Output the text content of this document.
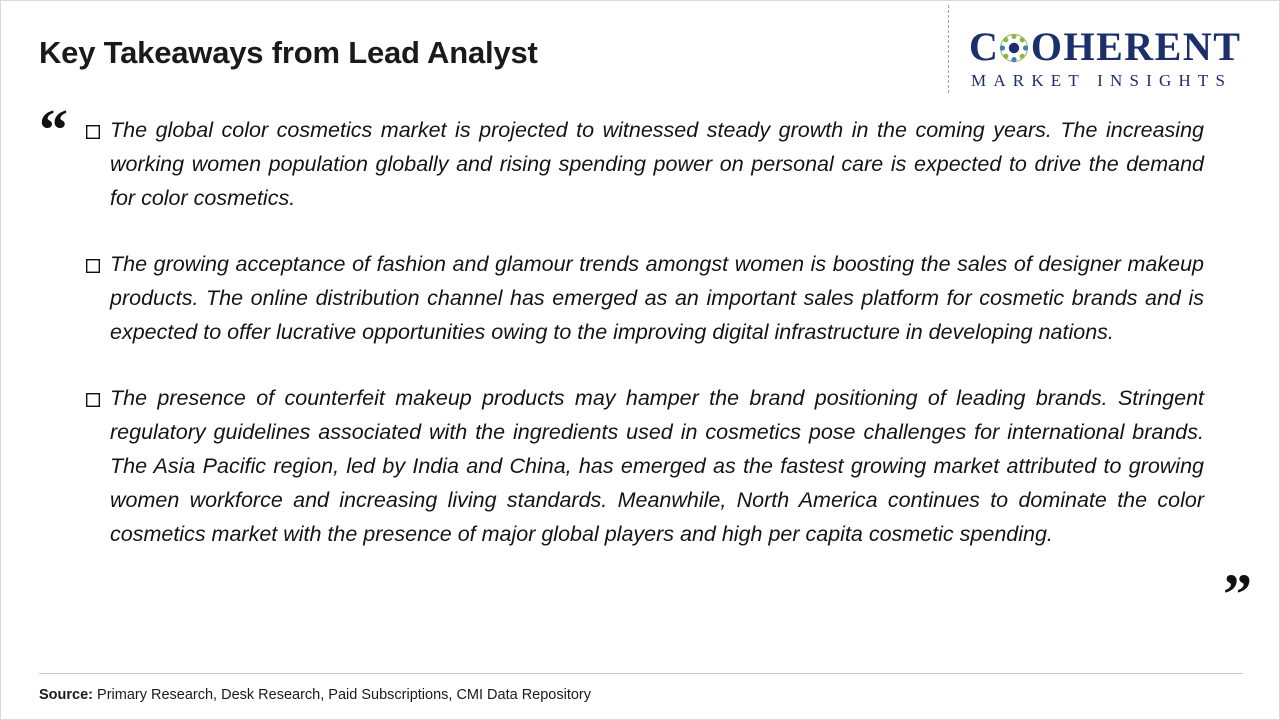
Key Takeaways from Lead Analyst	C OHERENT
MARKET INSIGHTS
“ The global color cosmetics market is projected to witnessed steady growth in the coming years. The increasing working women population globally and rising spending power on personal care is expected to drive the demand for color cosmetics.
The growing acceptance of fashion and glamour trends amongst women is boosting the sales of designer makeup products. The online distribution channel has emerged as an important sales platform for cosmetic brands and is expected to offer lucrative opportunities owing to the improving digital infrastructure in developing nations.
The presence of counterfeit makeup products may hamper the brand positioning of leading brands. Stringent regulatory guidelines associated with the ingredients used in cosmetics pose challenges for international brands. The Asia Pacific region, led by India and China, has emerged as the fastest growing market attributed to growing women workforce and increasing living standards. Meanwhile, North America continues to dominate the color cosmetics market with the presence of major global players and high per capita cosmetic spending.
”
Source: Primary Research, Desk Research, Paid Subscriptions, CMI Data Repository
